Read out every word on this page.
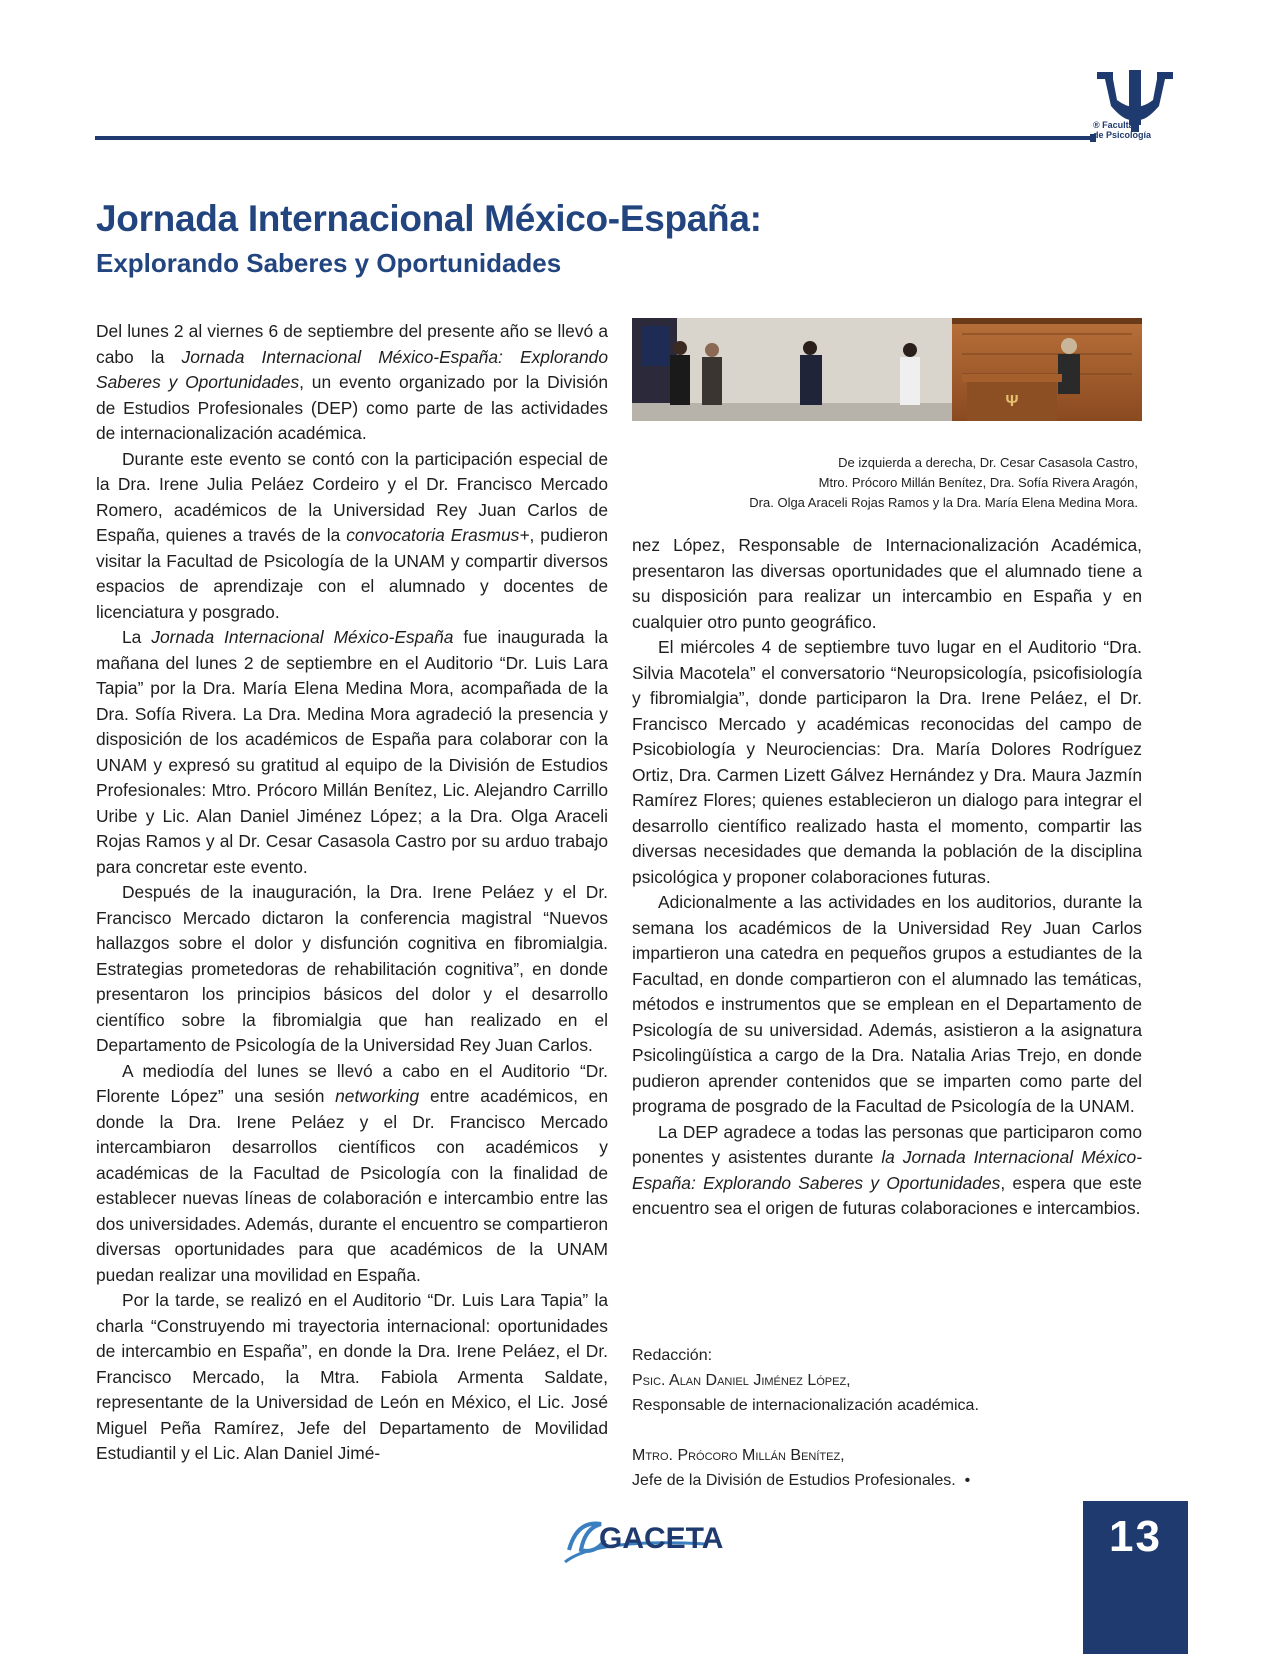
® Facultad
de Psicología
Jornada Internacional México-España:
Explorando Saberes y Oportunidades

Del lunes 2 al viernes 6 de septiembre del presente año se llevó a cabo la Jornada Internacional México-España: Explorando Saberes y Oportunidades, un evento organizado por la División de Estudios Profesionales (DEP) como parte de las actividades de internacionalización académica.

Durante este evento se contó con la participación especial de la Dra. Irene Julia Peláez Cordeiro y el Dr. Francisco Mercado Romero, académicos de la Universidad Rey Juan Carlos de España, quienes a través de la convocatoria Erasmus+, pudieron visitar la Facultad de Psicología de la UNAM y compartir diversos espacios de aprendizaje con el alumnado y docentes de licenciatura y posgrado.

La Jornada Internacional México-España fue inaugurada la mañana del lunes 2 de septiembre en el Auditorio “Dr. Luis Lara Tapia” por la Dra. María Elena Medina Mora, acompañada de la Dra. Sofía Rivera. La Dra. Medina Mora agradeció la presencia y disposición de los académicos de España para colaborar con la UNAM y expresó su gratitud al equipo de la División de Estudios Profesionales: Mtro. Prócoro Millán Benítez, Lic. Alejandro Carrillo Uribe y Lic. Alan Daniel Jiménez López; a la Dra. Olga Araceli Rojas Ramos y al Dr. Cesar Casasola Castro por su arduo trabajo para concretar este evento.

Después de la inauguración, la Dra. Irene Peláez y el Dr. Francisco Mercado dictaron la conferencia magistral “Nuevos hallazgos sobre el dolor y disfunción cognitiva en fibromialgia. Estrategias prometedoras de rehabilitación cognitiva”, en donde presentaron los principios básicos del dolor y el desarrollo científico sobre la fibromialgia que han realizado en el Departamento de Psicología de la Universidad Rey Juan Carlos.

A mediodía del lunes se llevó a cabo en el Auditorio “Dr. Florente López” una sesión networking entre académicos, en donde la Dra. Irene Peláez y el Dr. Francisco Mercado intercambiaron desarrollos científicos con académicos y académicas de la Facultad de Psicología con la finalidad de establecer nuevas líneas de colaboración e intercambio entre las dos universidades. Además, durante el encuentro se compartieron diversas oportunidades para que académicos de la UNAM puedan realizar una movilidad en España.

Por la tarde, se realizó en el Auditorio “Dr. Luis Lara Tapia” la charla “Construyendo mi trayectoria internacional: oportunidades de intercambio en España”, en donde la Dra. Irene Peláez, el Dr. Francisco Mercado, la Mtra. Fabiola Armenta Saldate, representante de la Universidad de León en México, el Lic. José Miguel Peña Ramírez, Jefe del Departamento de Movilidad Estudiantil y el Lic. Alan Daniel Jimé-

Ψ
De izquierda a derecha, Dr. Cesar Casasola Castro,
Mtro. Prócoro Millán Benítez, Dra. Sofía Rivera Aragón,
Dra. Olga Araceli Rojas Ramos y la Dra. María Elena Medina Mora.

nez López, Responsable de Internacionalización Académica, presentaron las diversas oportunidades que el alumnado tiene a su disposición para realizar un intercambio en España y en cualquier otro punto geográfico.

El miércoles 4 de septiembre tuvo lugar en el Auditorio “Dra. Silvia Macotela” el conversatorio “Neuropsicología, psicofisiología y fibromialgia”, donde participaron la Dra. Irene Peláez, el Dr. Francisco Mercado y académicas reconocidas del campo de Psicobiología y Neurociencias: Dra. María Dolores Rodríguez Ortiz, Dra. Carmen Lizett Gálvez Hernández y Dra. Maura Jazmín Ramírez Flores; quienes establecieron un dialogo para integrar el desarrollo científico realizado hasta el momento, compartir las diversas necesidades que demanda la población de la disciplina psicológica y proponer colaboraciones futuras.

Adicionalmente a las actividades en los auditorios, durante la semana los académicos de la Universidad Rey Juan Carlos impartieron una catedra en pequeños grupos a estudiantes de la Facultad, en donde compartieron con el alumnado las temáticas, métodos e instrumentos que se emplean en el Departamento de Psicología de su universidad. Además, asistieron a la asignatura Psicolingüística a cargo de la Dra. Natalia Arias Trejo, en donde pudieron aprender contenidos que se imparten como parte del programa de posgrado de la Facultad de Psicología de la UNAM.

La DEP agradece a todas las personas que participaron como ponentes y asistentes durante la Jornada Internacional México-España: Explorando Saberes y Oportunidades, espera que este encuentro sea el origen de futuras colaboraciones e intercambios.

Redacción:
Psic. Alan Daniel Jiménez López,
Responsable de internacionalización académica.
Mtro. Prócoro Millán Benítez,
Jefe de la División de Estudios Profesionales. •
GACETA	13
